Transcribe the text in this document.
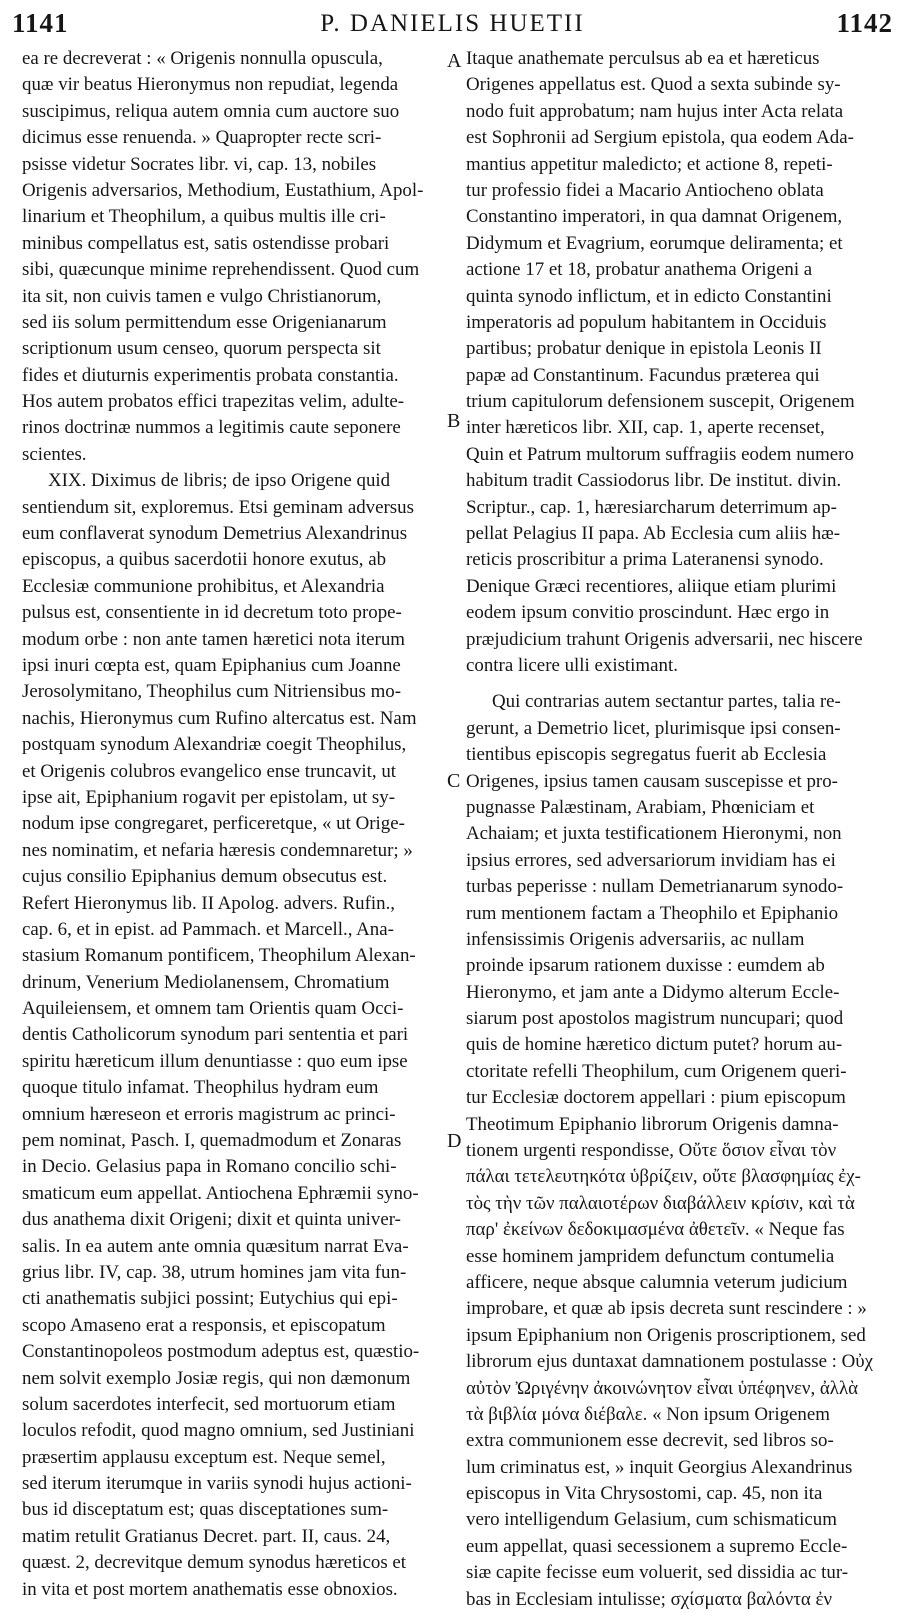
1141	P. DANIELIS HUETII	1142
A
B
C
D
ea re decreverat : « Origenis nonnulla opuscula,
quæ vir beatus Hieronymus non repudiat, legenda
suscipimus, reliqua autem omnia cum auctore suo
dicimus esse renuenda. » Quapropter recte scri-
psisse videtur Socrates libr. vi, cap. 13, nobiles
Origenis adversarios, Methodium, Eustathium, Apol-
linarium et Theophilum, a quibus multis ille cri-
minibus compellatus est, satis ostendisse probari
sibi, quæcunque minime reprehendissent. Quod cum
ita sit, non cuivis tamen e vulgo Christianorum,
sed iis solum permittendum esse Origenianarum
scriptionum usum censeo, quorum perspecta sit
fides et diuturnis experimentis probata constantia.
Hos autem probatos effici trapezitas velim, adulte-
rinos doctrinæ nummos a legitimis caute seponere
scientes.
XIX. Diximus de libris; de ipso Origene quid
sentiendum sit, exploremus. Etsi geminam adversus
eum conflaverat synodum Demetrius Alexandrinus
episcopus, a quibus sacerdotii honore exutus, ab
Ecclesiæ communione prohibitus, et Alexandria
pulsus est, consentiente in id decretum toto prope-
modum orbe : non ante tamen hæretici nota iterum
ipsi inuri cœpta est, quam Epiphanius cum Joanne
Jerosolymitano, Theophilus cum Nitriensibus mo-
nachis, Hieronymus cum Rufino altercatus est. Nam
postquam synodum Alexandriæ coegit Theophilus,
et Origenis colubros evangelico ense truncavit, ut
ipse ait, Epiphanium rogavit per epistolam, ut sy-
nodum ipse congregaret, perficeretque, « ut Orige-
nes nominatim, et nefaria hæresis condemnaretur; »
cujus consilio Epiphanius demum obsecutus est.
Refert Hieronymus lib. II Apolog. advers. Rufin.,
cap. 6, et in epist. ad Pammach. et Marcell., Ana-
stasium Romanum pontificem, Theophilum Alexan-
drinum, Venerium Mediolanensem, Chromatium
Aquileiensem, et omnem tam Orientis quam Occi-
dentis Catholicorum synodum pari sententia et pari
spiritu hæreticum illum denuntiasse : quo eum ipse
quoque titulo infamat. Theophilus hydram eum
omnium hæreseon et erroris magistrum ac princi-
pem nominat, Pasch. I, quemadmodum et Zonaras
in Decio. Gelasius papa in Romano concilio schi-
smaticum eum appellat. Antiochena Ephræmii syno-
dus anathema dixit Origeni; dixit et quinta univer-
salis. In ea autem ante omnia quæsitum narrat Eva-
grius libr. IV, cap. 38, utrum homines jam vita fun-
cti anathematis subjici possint; Eutychius qui epi-
scopo Amaseno erat a responsis, et episcopatum
Constantinopoleos postmodum adeptus est, quæstio-
nem solvit exemplo Josiæ regis, qui non dæmonum
solum sacerdotes interfecit, sed mortuorum etiam
loculos refodit, quod magno omnium, sed Justiniani
præsertim applausu exceptum est. Neque semel,
sed iterum iterumque in variis synodi hujus actioni-
bus id disceptatum est; quas disceptationes sum-
matim retulit Gratianus Decret. part. II, caus. 24,
quæst. 2, decrevitque demum synodus hæreticos et
in vita et post mortem anathematis esse obnoxios.
Itaque anathemate perculsus ab ea et hæreticus
Origenes appellatus est. Quod a sexta subinde sy-
nodo fuit approbatum; nam hujus inter Acta relata
est Sophronii ad Sergium epistola, qua eodem Ada-
mantius appetitur maledicto; et actione 8, repeti-
tur professio fidei a Macario Antiocheno oblata
Constantino imperatori, in qua damnat Origenem,
Didymum et Evagrium, eorumque deliramenta; et
actione 17 et 18, probatur anathema Origeni a
quinta synodo inflictum, et in edicto Constantini
imperatoris ad populum habitantem in Occiduis
partibus; probatur denique in epistola Leonis II
papæ ad Constantinum. Facundus præterea qui
trium capitulorum defensionem suscepit, Origenem
inter hæreticos libr. XII, cap. 1, aperte recenset,
Quin et Patrum multorum suffragiis eodem numero
habitum tradit Cassiodorus libr. De institut. divin.
Scriptur., cap. 1, hæresiarcharum deterrimum ap-
pellat Pelagius II papa. Ab Ecclesia cum aliis hæ-
reticis proscribitur a prima Lateranensi synodo.
Denique Græci recentiores, aliique etiam plurimi
eodem ipsum convitio proscindunt. Hæc ergo in
præjudicium trahunt Origenis adversarii, nec hiscere
contra licere ulli existimant.
Qui contrarias autem sectantur partes, talia re-
gerunt, a Demetrio licet, plurimisque ipsi consen-
tientibus episcopis segregatus fuerit ab Ecclesia
Origenes, ipsius tamen causam suscepisse et pro-
pugnasse Palæstinam, Arabiam, Phœniciam et
Achaiam; et juxta testificationem Hieronymi, non
ipsius errores, sed adversariorum invidiam has ei
turbas peperisse : nullam Demetrianarum synodo-
rum mentionem factam a Theophilo et Epiphanio
infensissimis Origenis adversariis, ac nullam
proinde ipsarum rationem duxisse : eumdem ab
Hieronymo, et jam ante a Didymo alterum Eccle-
siarum post apostolos magistrum nuncupari; quod
quis de homine hæretico dictum putet? horum au-
ctoritate refelli Theophilum, cum Origenem queri-
tur Ecclesiæ doctorem appellari : pium episcopum
Theotimum Epiphanio librorum Origenis damna-
tionem urgenti respondisse, Οὔτε ὅσιον εἶναι τὸν
πάλαι τετελευτηκότα ὑβρίζειν, οὔτε βλασφημίας ἐχ-
τὸς τὴν τῶν παλαιοτέρων διαβάλλειν κρίσιν, καὶ τὰ
παρ' ἐκείνων δεδοκιμασμένα ἀθετεῖν. « Neque fas
esse hominem jampridem defunctum contumelia
afficere, neque absque calumnia veterum judicium
improbare, et quæ ab ipsis decreta sunt rescindere : »
ipsum Epiphanium non Origenis proscriptionem, sed
librorum ejus duntaxat damnationem postulasse : Οὐχ
αὐτὸν Ὠριγένην ἀκοινώνητον εἶναι ὑπέφηνεν, ἀλλὰ
τὰ βιβλία μόνα διέβαλε. « Non ipsum Origenem
extra communionem esse decrevit, sed libros so-
lum criminatus est, » inquit Georgius Alexandrinus
episcopus in Vita Chrysostomi, cap. 45, non ita
vero intelligendum Gelasium, cum schismaticum
eum appellat, quasi secessionem a supremo Eccle-
siæ capite fecisse eum voluerit, sed dissidia ac tur-
bas in Ecclesiam intulisse; σχίσματα βαλόντα ἐν
